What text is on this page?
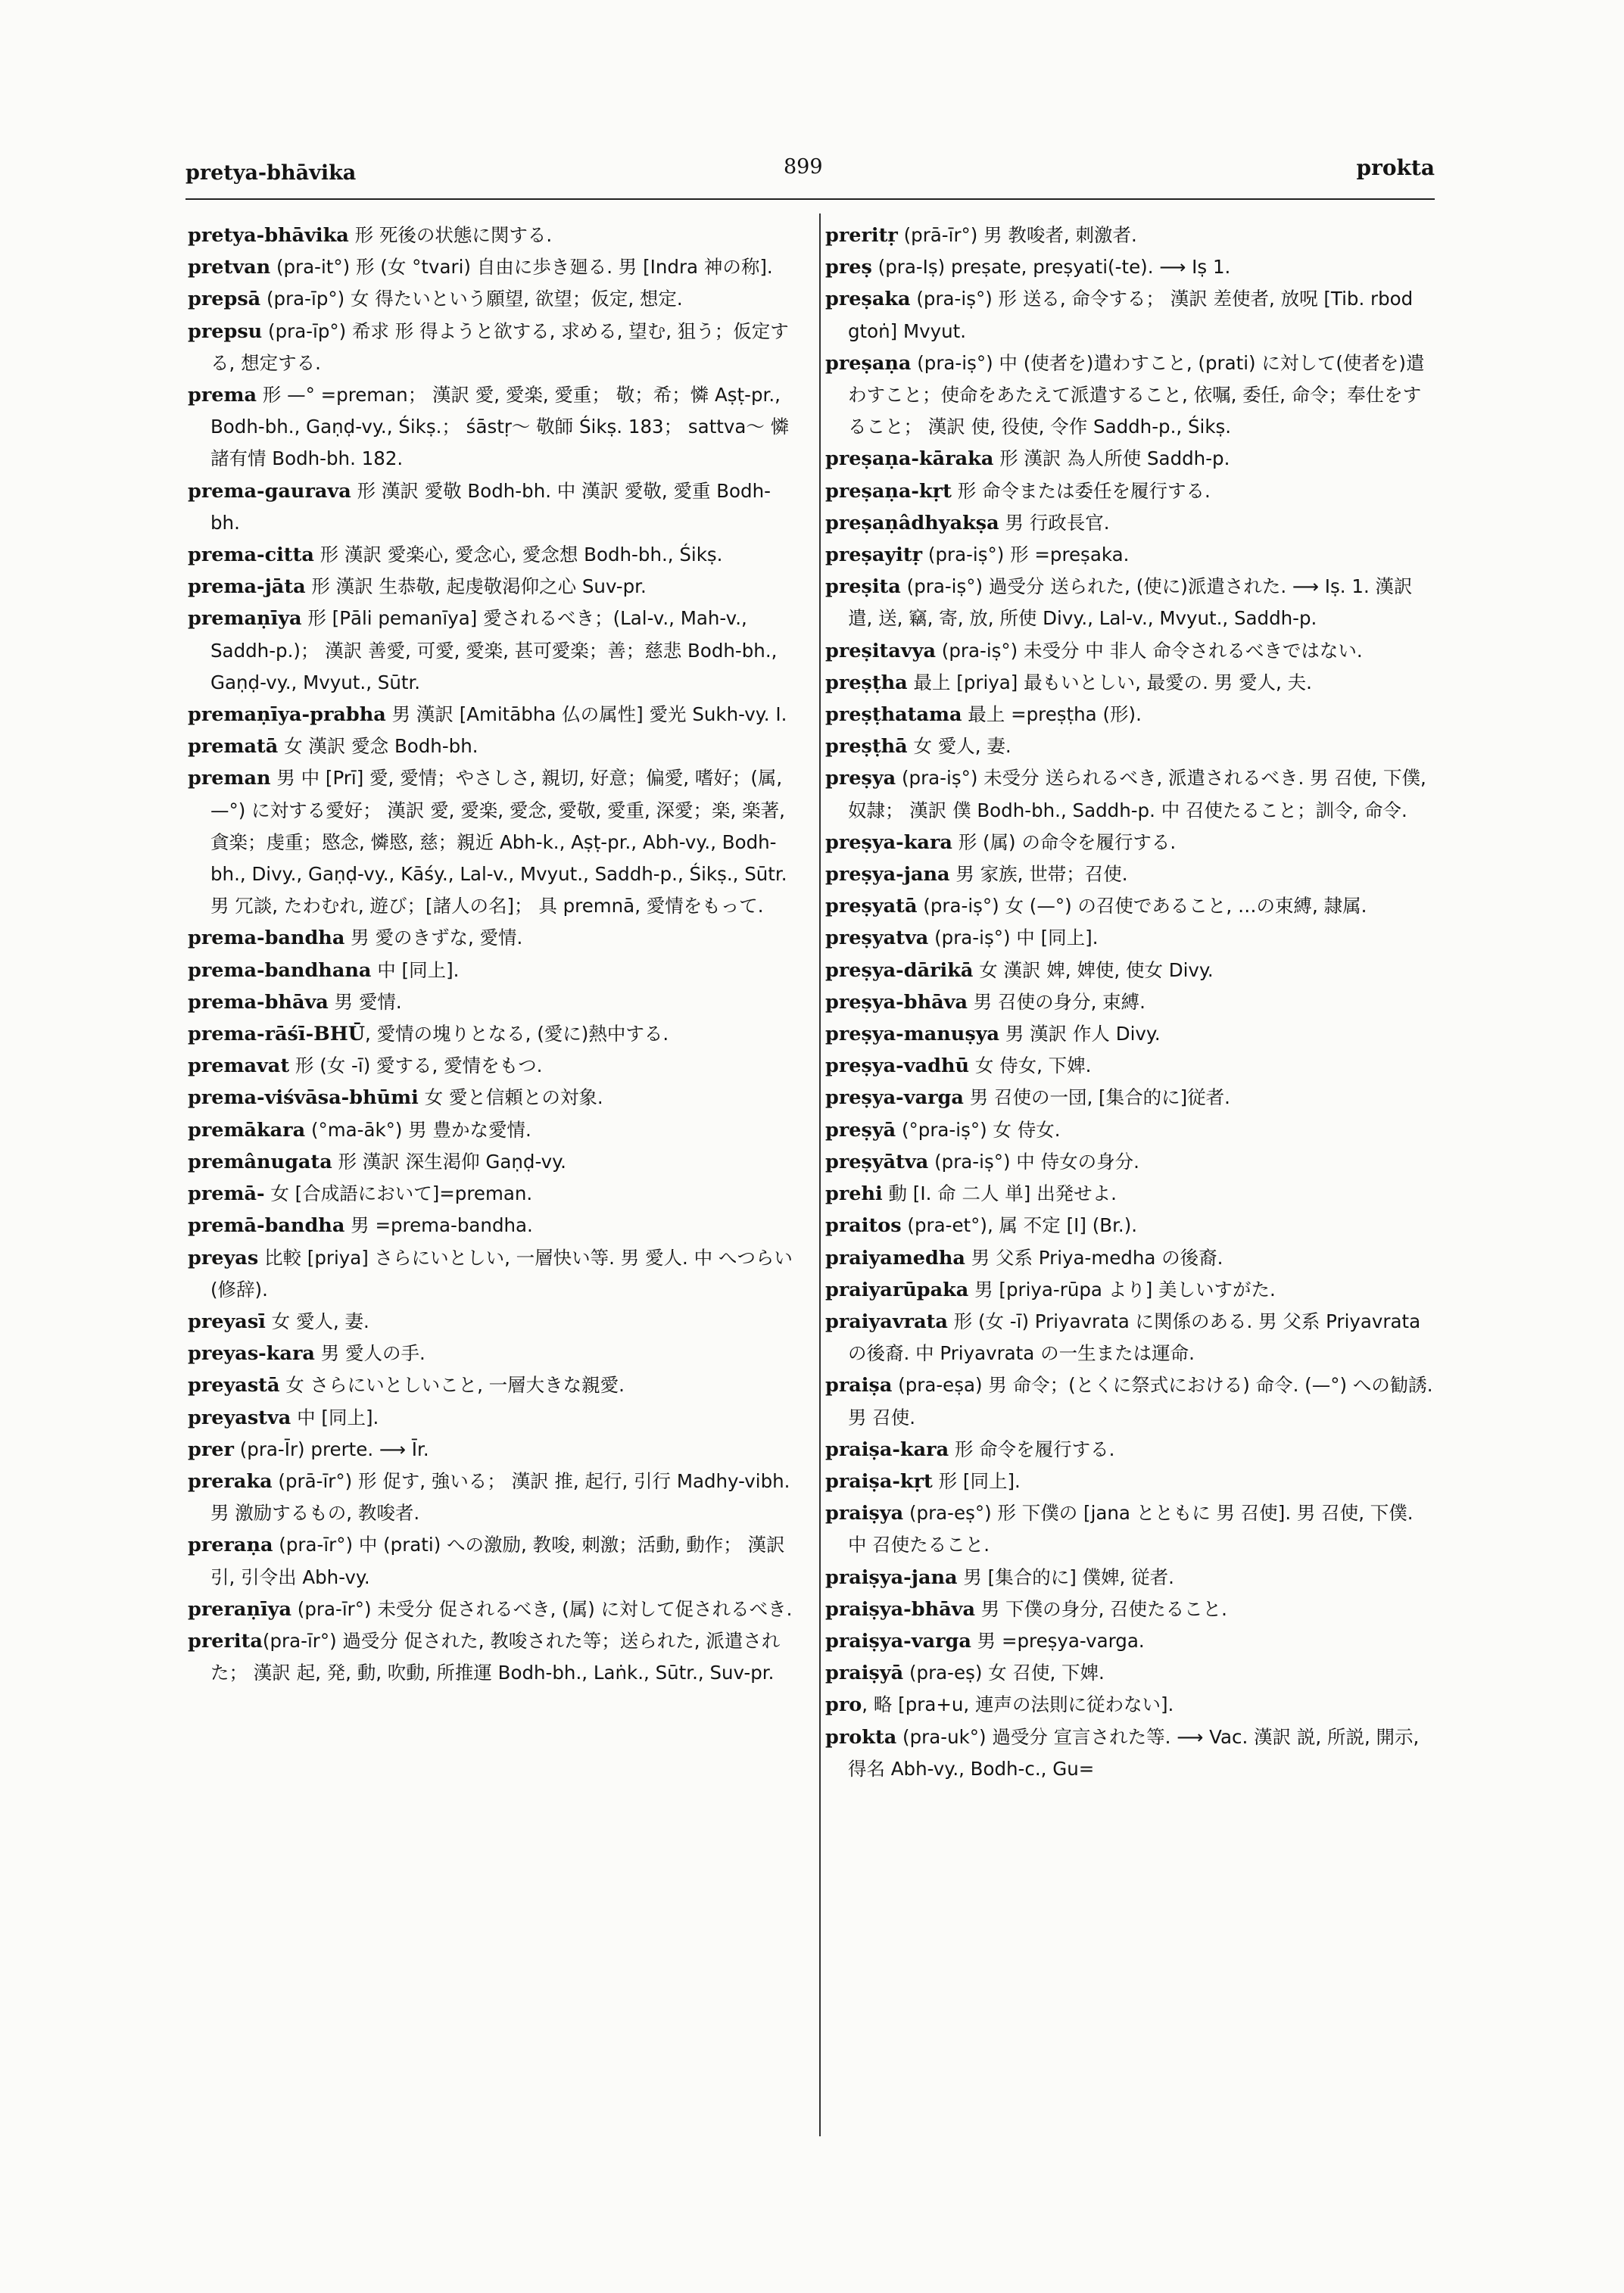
pretya-bhāvika	899	prokta

pretya-bhāvika 形 死後の状態に関する.

pretvan (pra-it°) 形 (女 °tvari) 自由に歩き廻る. 男 [Indra 神の称].

prepsā (pra-īp°) 女 得たいという願望, 欲望；仮定, 想定.

prepsu (pra-īp°) 希求 形 得ようと欲する, 求める, 望む, 狙う；仮定する, 想定する.

prema 形 —° =preman； 漢訳 愛, 愛楽, 愛重； 敬；希；憐 Aṣṭ-pr., Bodh-bh., Gaṇḍ-vy., Śikṣ.； śāstṛ～ 敬師 Śikṣ. 183； sattva～ 憐諸有情 Bodh-bh. 182.

prema-gaurava 形 漢訳 愛敬 Bodh-bh. 中 漢訳 愛敬, 愛重 Bodh-bh.

prema-citta 形 漢訳 愛楽心, 愛念心, 愛念想 Bodh-bh., Śikṣ.

prema-jāta 形 漢訳 生恭敬, 起虔敬渇仰之心 Suv-pr.

premaṇīya 形 [Pāli pemanīya] 愛されるべき；(Lal-v., Mah-v., Saddh-p.)； 漢訳 善愛, 可愛, 愛楽, 甚可愛楽；善；慈悲 Bodh-bh., Gaṇḍ-vy., Mvyut., Sūtr.

premaṇīya-prabha 男 漢訳 [Amitābha 仏の属性] 愛光 Sukh-vy. I.

prematā 女 漢訳 愛念 Bodh-bh.

preman 男 中 [Prī] 愛, 愛情；やさしさ, 親切, 好意；偏愛, 嗜好；(属, —°) に対する愛好； 漢訳 愛, 愛楽, 愛念, 愛敬, 愛重, 深愛；楽, 楽著, 貪楽；虔重；愍念, 憐愍, 慈；親近 Abh-k., Aṣṭ-pr., Abh-vy., Bodh-bh., Divy., Gaṇḍ-vy., Kāśy., Lal-v., Mvyut., Saddh-p., Śikṣ., Sūtr. 男 冗談, たわむれ, 遊び；[諸人の名]； 具 premnā, 愛情をもって.

prema-bandha 男 愛のきずな, 愛情.

prema-bandhana 中 [同上].

prema-bhāva 男 愛情.

prema-rāśī-BHŪ, 愛情の塊りとなる, (愛に)熱中する.

premavat 形 (女 -ī) 愛する, 愛情をもつ.

prema-viśvāsa-bhūmi 女 愛と信頼との対象.

premākara (°ma-āk°) 男 豊かな愛情.

premânugata 形 漢訳 深生渇仰 Gaṇḍ-vy.

premā- 女 [合成語において]=preman.

premā-bandha 男 =prema-bandha.

preyas 比較 [priya] さらにいとしい, 一層快い等. 男 愛人. 中 へつらい (修辞).

preyasī 女 愛人, 妻.

preyas-kara 男 愛人の手.

preyastā 女 さらにいとしいこと, 一層大きな親愛.

preyastva 中 [同上].

prer (pra-Īr) prerte. ⟶ Īr.

preraka (prā-īr°) 形 促す, 強いる； 漢訳 推, 起行, 引行 Madhy-vibh. 男 激励するもの, 教唆者.

preraṇa (pra-īr°) 中 (prati) への激励, 教唆, 刺激；活動, 動作； 漢訳 引, 引令出 Abh-vy.

preraṇīya (pra-īr°) 未受分 促されるべき, (属) に対して促されるべき.

prerita(pra-īr°) 過受分 促された, 教唆された等；送られた, 派遣された； 漢訳 起, 発, 動, 吹動, 所推運 Bodh-bh., Laṅk., Sūtr., Suv-pr.

preritṛ (prā-īr°) 男 教唆者, 刺激者.

preṣ (pra-Iṣ) preṣate, preṣyati(-te). ⟶ Iṣ 1.

preṣaka (pra-iṣ°) 形 送る, 命令する； 漢訳 差使者, 放呪 [Tib. rbod gtoṅ] Mvyut.

preṣaṇa (pra-iṣ°) 中 (使者を)遣わすこと, (prati) に対して(使者を)遣わすこと；使命をあたえて派遣すること, 依嘱, 委任, 命令；奉仕をすること； 漢訳 使, 役使, 令作 Saddh-p., Śikṣ.

preṣaṇa-kāraka 形 漢訳 為人所使 Saddh-p.

preṣaṇa-kṛt 形 命令または委任を履行する.

preṣaṇâdhyakṣa 男 行政長官.

preṣayitṛ (pra-iṣ°) 形 =preṣaka.

preṣita (pra-iṣ°) 過受分 送られた, (使に)派遣された. ⟶ Iṣ. 1. 漢訳 遣, 送, 竊, 寄, 放, 所使 Divy., Lal-v., Mvyut., Saddh-p.

preṣitavya (pra-iṣ°) 未受分 中 非人 命令されるべきではない.

preṣṭha 最上 [priya] 最もいとしい, 最愛の. 男 愛人, 夫.

preṣṭhatama 最上 =preṣṭha (形).

preṣṭhā 女 愛人, 妻.

preṣya (pra-iṣ°) 未受分 送られるべき, 派遣されるべき. 男 召使, 下僕, 奴隷； 漢訳 僕 Bodh-bh., Saddh-p. 中 召使たること；訓令, 命令.

preṣya-kara 形 (属) の命令を履行する.

preṣya-jana 男 家族, 世帯；召使.

preṣyatā (pra-iṣ°) 女 (—°) の召使であること, …の束縛, 隷属.

preṣyatva (pra-iṣ°) 中 [同上].

preṣya-dārikā 女 漢訳 婢, 婢使, 使女 Divy.

preṣya-bhāva 男 召使の身分, 束縛.

preṣya-manuṣya 男 漢訳 作人 Divy.

preṣya-vadhū 女 侍女, 下婢.

preṣya-varga 男 召使の一団, [集合的に]従者.

preṣyā (°pra-iṣ°) 女 侍女.

preṣyātva (pra-iṣ°) 中 侍女の身分.

prehi 動 [I. 命 二人 単] 出発せよ.

praitos (pra-et°), 属 不定 [I] (Br.).

praiyamedha 男 父系 Priya-medha の後裔.

praiyarūpaka 男 [priya-rūpa より] 美しいすがた.

praiyavrata 形 (女 -ī) Priyavrata に関係のある. 男 父系 Priyavrata の後裔. 中 Priyavrata の一生または運命.

praiṣa (pra-eṣa) 男 命令；(とくに祭式における) 命令. (—°) への勧誘. 男 召使.

praiṣa-kara 形 命令を履行する.

praiṣa-kṛt 形 [同上].

praiṣya (pra-eṣ°) 形 下僕の [jana とともに 男 召使]. 男 召使, 下僕. 中 召使たること.

praiṣya-jana 男 [集合的に] 僕婢, 従者.

praiṣya-bhāva 男 下僕の身分, 召使たること.

praiṣya-varga 男 =preṣya-varga.

praiṣyā (pra-eṣ) 女 召使, 下婢.

pro, 略 [pra+u, 連声の法則に従わない].

prokta (pra-uk°) 過受分 宣言された等. ⟶ Vac. 漢訳 説, 所説, 開示, 得名 Abh-vy., Bodh-c., Gu=
